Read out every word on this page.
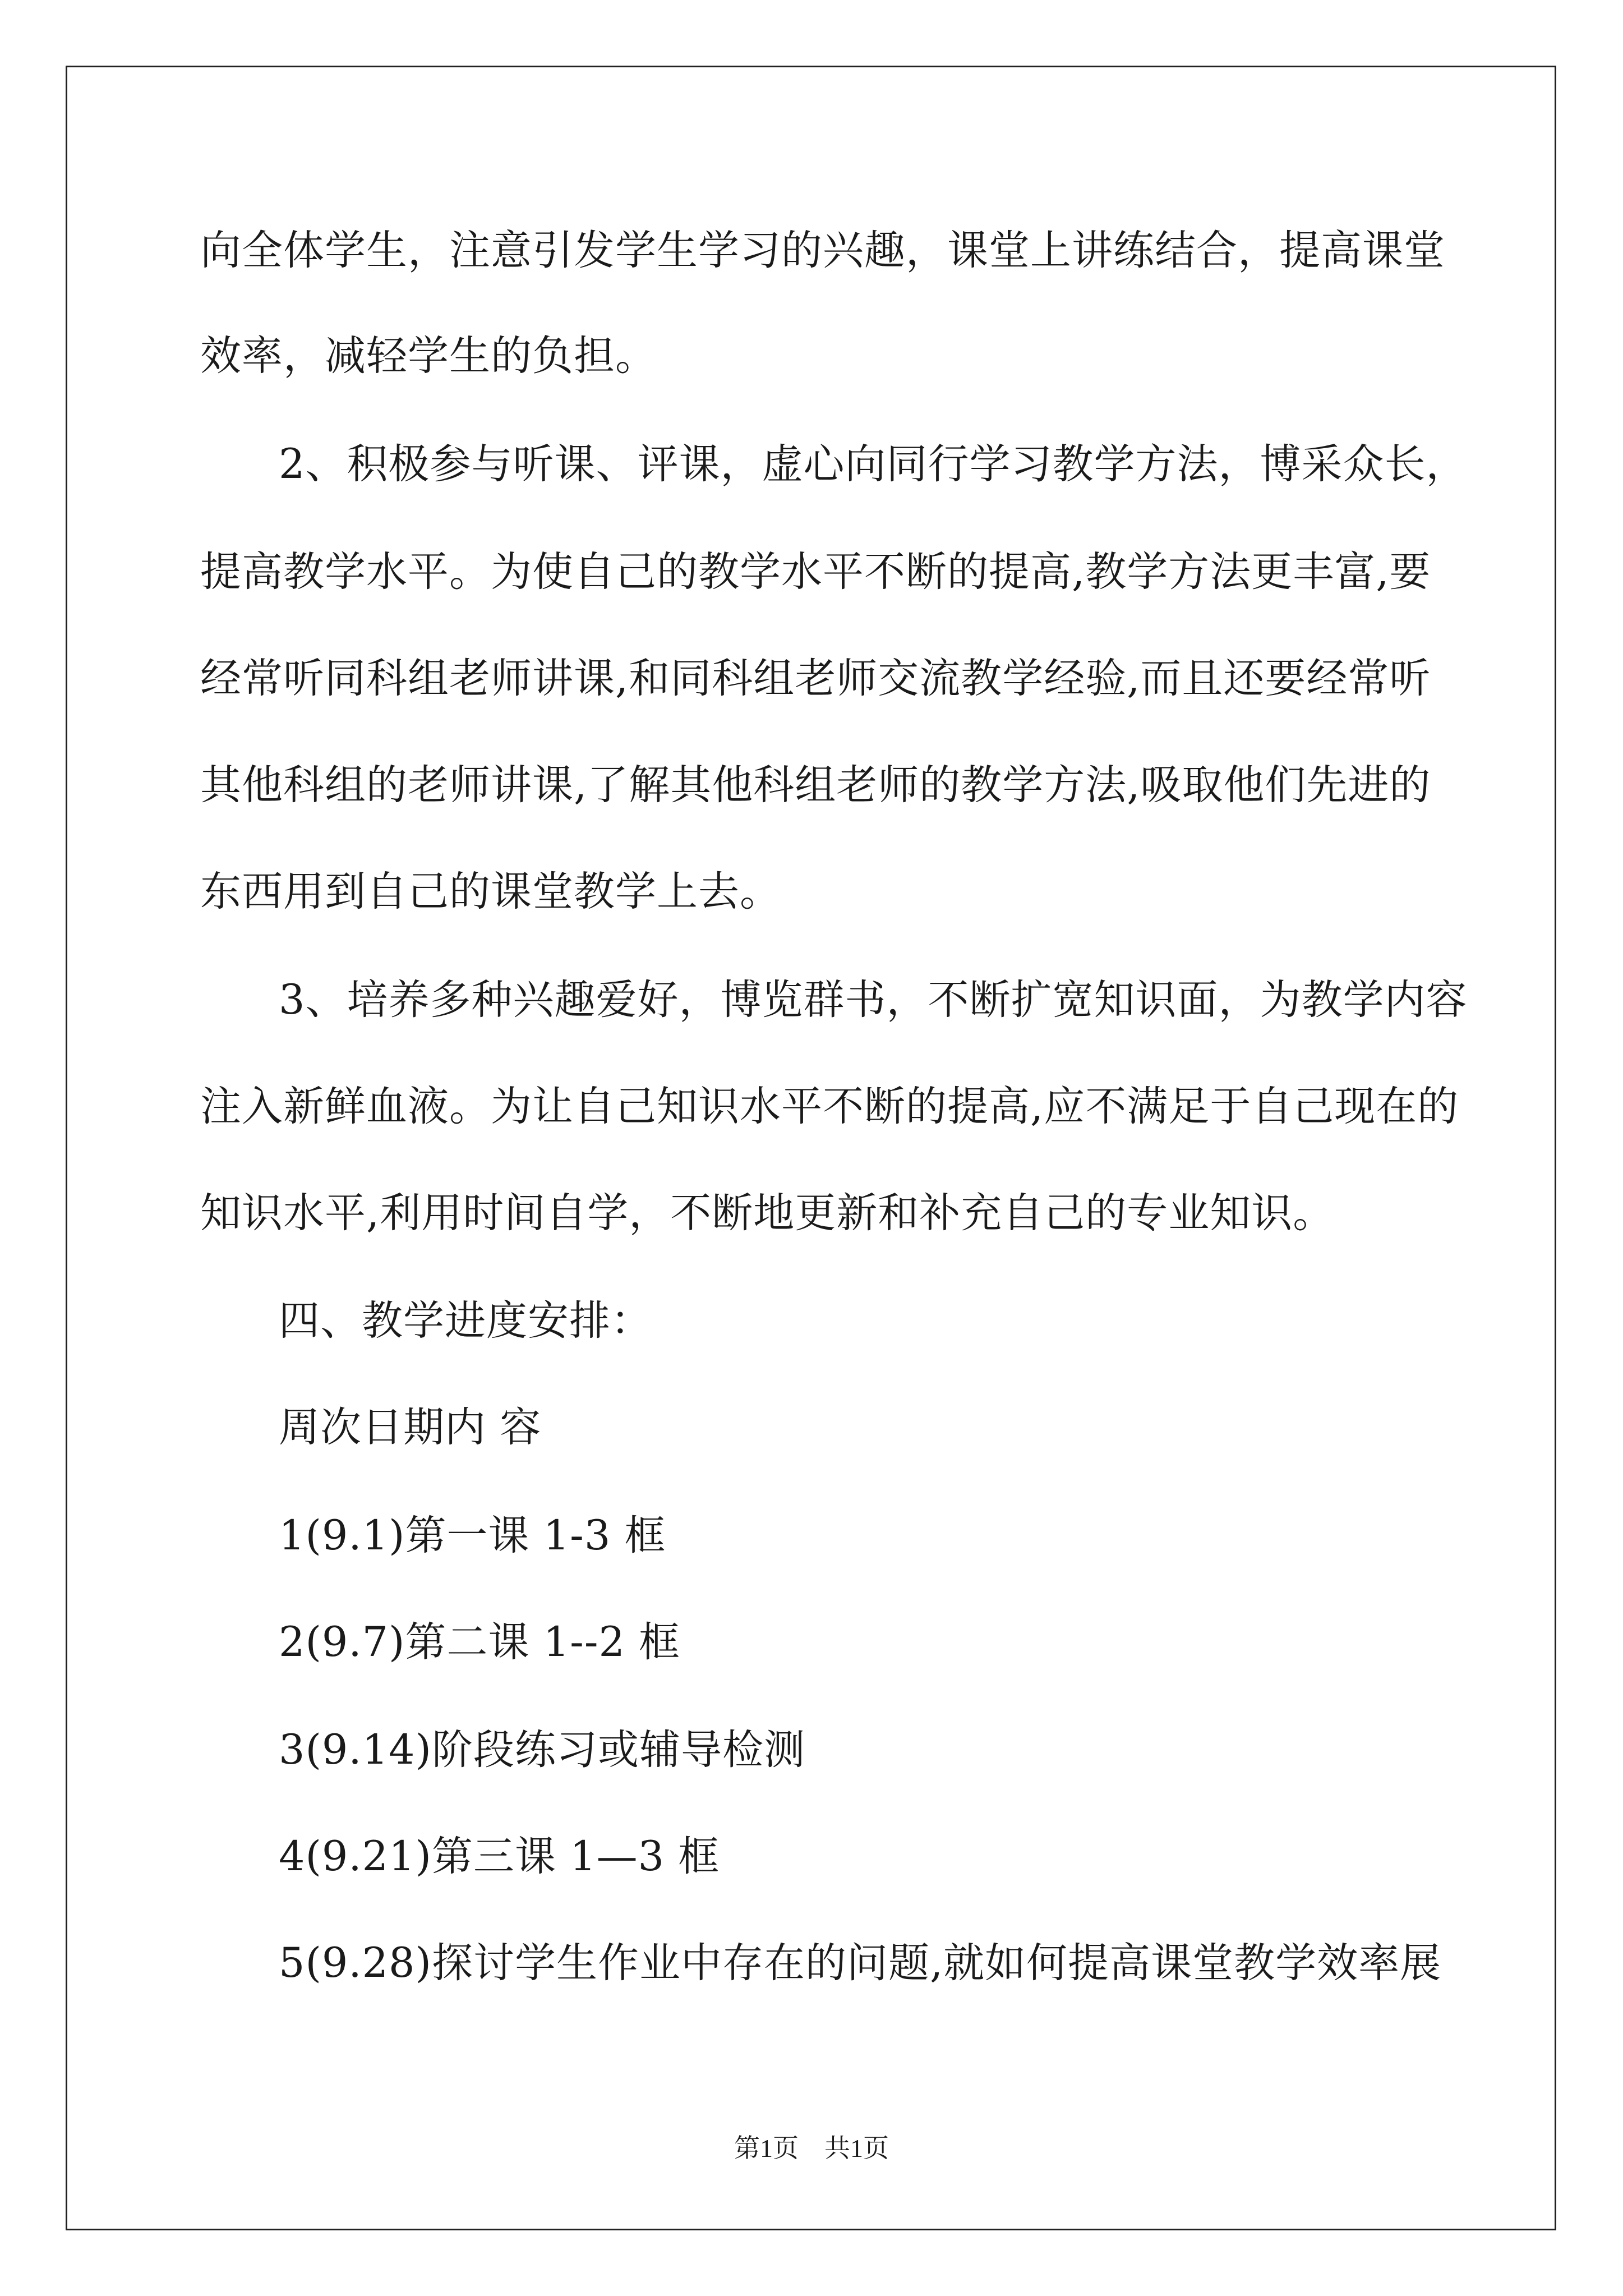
向全体学生，注意引发学生学习的兴趣，课堂上讲练结合，提高课堂
效率，减轻学生的负担。
2、积极参与听课、评课，虚心向同行学习教学方法，博采众长，
提高教学水平。为使自己的教学水平不断的提高,教学方法更丰富,要
经常听同科组老师讲课,和同科组老师交流教学经验,而且还要经常听
其他科组的老师讲课,了解其他科组老师的教学方法,吸取他们先进的
东西用到自己的课堂教学上去。
3、培养多种兴趣爱好，博览群书，不断扩宽知识面，为教学内容
注入新鲜血液。为让自己知识水平不断的提高,应不满足于自己现在的
知识水平,利用时间自学，不断地更新和补充自己的专业知识。
四、教学进度安排：
周次日期内 容
1(9.1)第一课 1-3 框
2(9.7)第二课 1--2 框
3(9.14)阶段练习或辅导检测
4(9.21)第三课 1—3 框
5(9.28)探讨学生作业中存在的问题,就如何提高课堂教学效率展
第1页　共1页
